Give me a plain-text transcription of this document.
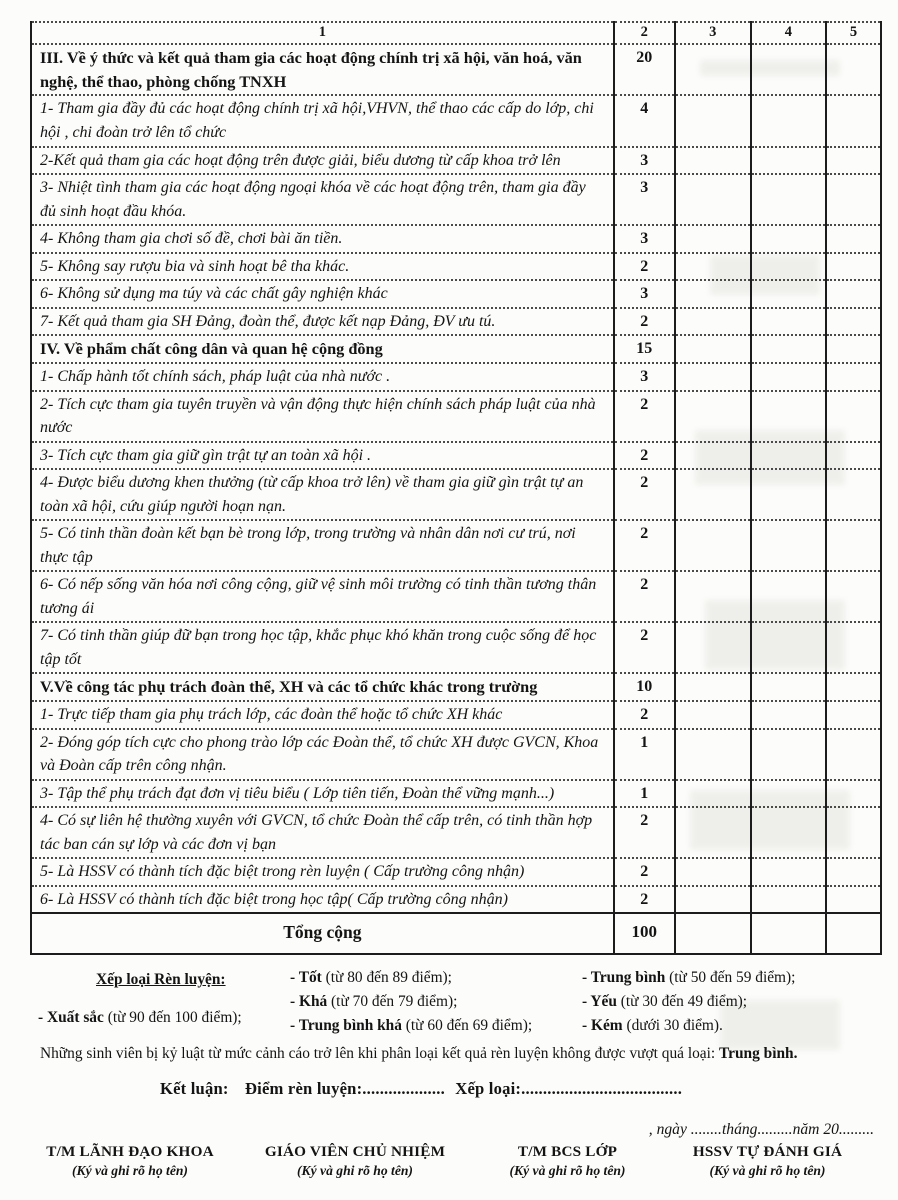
1	2	3	4	5
III. Về ý thức và kết quả tham gia các hoạt động chính trị xã hội, văn hoá, văn nghệ, thể thao, phòng chống TNXH	20			
1- Tham gia đầy đủ các hoạt động chính trị xã hội,VHVN, thể thao các cấp do lớp, chi hội , chi đoàn trở lên tổ chức	4			
2-Kết quả tham gia các hoạt động trên được giải, biểu dương từ cấp khoa trở lên	3			
3- Nhiệt tình tham gia các hoạt động ngoại khóa về các hoạt động trên, tham gia đầy đủ sinh hoạt đầu khóa.	3			
4- Không tham gia chơi số đề, chơi bài ăn tiền.	3			
5- Không say rượu bia và sinh hoạt bê tha khác.	2			
6- Không sử dụng ma túy và các chất gây nghiện khác	3			
7- Kết quả tham gia SH Đảng, đoàn thể, được kết nạp Đảng, ĐV ưu tú.	2			
IV. Về phẩm chất công dân và quan hệ cộng đồng	15			
1- Chấp hành tốt chính sách, pháp luật của nhà nước .	3			
2- Tích cực tham gia tuyên truyền và vận động thực hiện chính sách pháp luật của nhà nước	2			
3- Tích cực tham gia giữ gìn trật tự an toàn xã hội .	2			
4- Được biểu dương khen thưởng (từ cấp khoa trở lên) về tham gia giữ gìn trật tự an toàn xã hội, cứu giúp người hoạn nạn.	2			
5- Có tinh thần đoàn kết bạn bè trong lớp, trong trường và nhân dân nơi cư trú, nơi thực tập	2			
6- Có nếp sống văn hóa nơi công cộng, giữ vệ sinh môi trường có tinh thần tương thân tương ái	2			
7- Có tinh thần giúp đữ bạn trong học tập, khắc phục khó khăn trong cuộc sống để học tập tốt	2			
V.Về công tác phụ trách đoàn thể, XH và các tổ chức khác trong trường	10			
1- Trực tiếp tham gia phụ trách lớp, các đoàn thể hoặc tổ chức XH khác	2			
2- Đóng góp tích cực cho phong trào lớp các Đoàn thể, tổ chức XH được GVCN, Khoa và Đoàn cấp trên công nhận.	1			
3- Tập thể phụ trách đạt đơn vị tiêu biểu ( Lớp tiên tiến, Đoàn thể vững mạnh...)	1			
4- Có sự liên hệ thường xuyên với GVCN, tổ chức Đoàn thể cấp trên, có tinh thần hợp tác ban cán sự lớp và các đơn vị bạn	2			
5- Là HSSV có thành tích đặc biệt trong rèn luyện ( Cấp trường công nhận)	2			
6- Là HSSV có thành tích đặc biệt trong học tập( Cấp trường công nhận)	2			
Tổng cộng	100			
Xếp loại Rèn luyện:
- Xuất sắc (từ 90 đến 100 điểm);
- Tốt (từ 80 đến 89 điểm);
- Khá (từ 70 đến 79 điểm);
- Trung bình khá (từ 60 đến 69 điểm);
- Trung bình (từ 50 đến 59 điểm);
- Yếu (từ 30 đến 49 điểm);
- Kém (dưới 30 điểm).
Những sinh viên bị kỷ luật từ mức cảnh cáo trở lên khi phân loại kết quả rèn luyện không được vượt quá loại: Trung bình.
Kết luận: Điểm rèn luyện:................... Xếp loại:.....................................
, ngày ........tháng.........năm 20.........
T/M LÃNH ĐẠO KHOA
(Ký và ghi rõ họ tên)
GIÁO VIÊN CHỦ NHIỆM
(Ký và ghi rõ họ tên)
T/M BCS LỚP
(Ký và ghi rõ họ tên)
HSSV TỰ ĐÁNH GIÁ
(Ký và ghi rõ họ tên)
